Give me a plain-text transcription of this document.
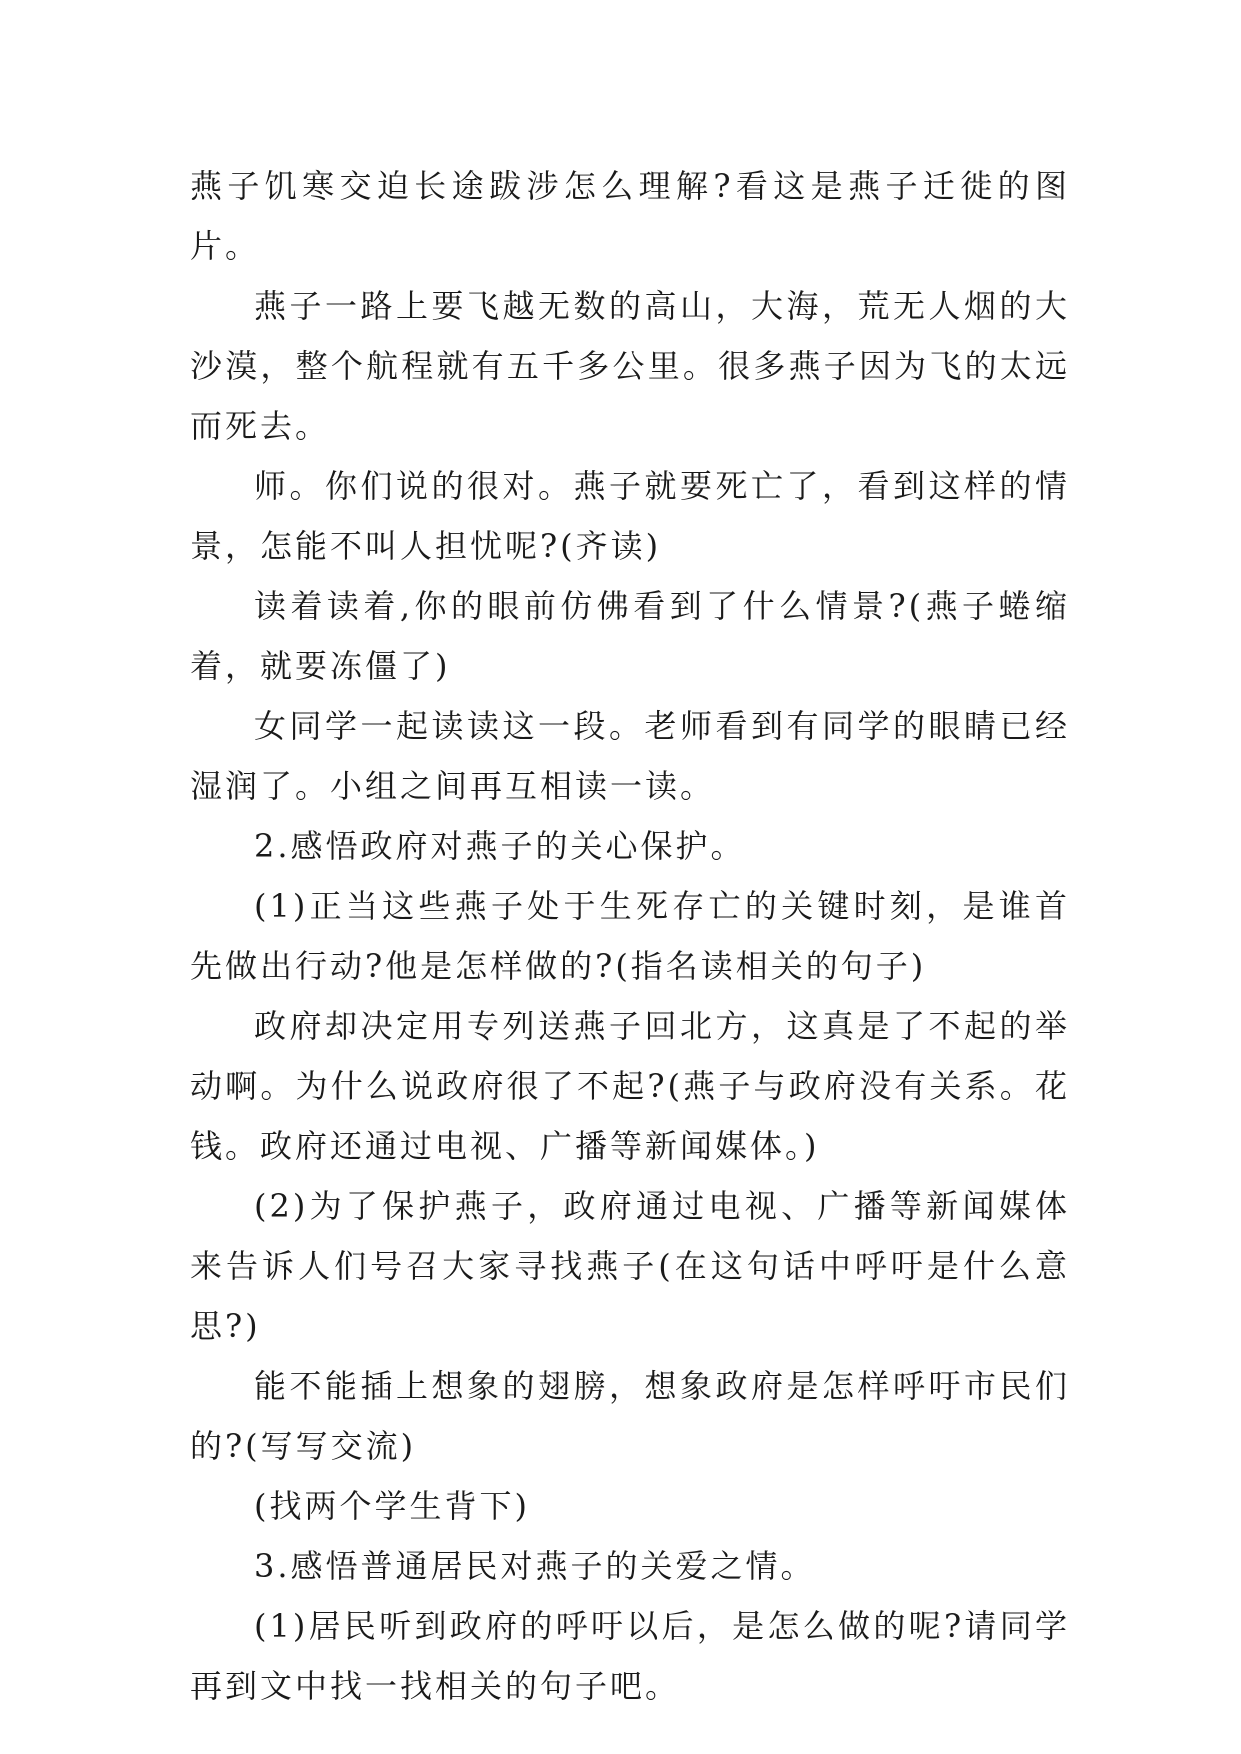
燕子饥寒交迫长途跋涉怎么理解?看这是燕子迁徙的图片。

燕子一路上要飞越无数的高山，大海，荒无人烟的大沙漠，整个航程就有五千多公里。很多燕子因为飞的太远而死去。

师。你们说的很对。燕子就要死亡了，看到这样的情景，怎能不叫人担忧呢?(齐读)

读着读着,你的眼前仿佛看到了什么情景?(燕子蜷缩着，就要冻僵了)

女同学一起读读这一段。老师看到有同学的眼睛已经湿润了。小组之间再互相读一读。

2.感悟政府对燕子的关心保护。

(1)正当这些燕子处于生死存亡的关键时刻，是谁首先做出行动?他是怎样做的?(指名读相关的句子)

政府却决定用专列送燕子回北方，这真是了不起的举动啊。为什么说政府很了不起?(燕子与政府没有关系。花钱。政府还通过电视、广播等新闻媒体。)

(2)为了保护燕子，政府通过电视、广播等新闻媒体来告诉人们号召大家寻找燕子(在这句话中呼吁是什么意思?)

能不能插上想象的翅膀，想象政府是怎样呼吁市民们的?(写写交流)

(找两个学生背下)

3.感悟普通居民对燕子的关爱之情。

(1)居民听到政府的呼吁以后，是怎么做的呢?请同学再到文中找一找相关的句子吧。
